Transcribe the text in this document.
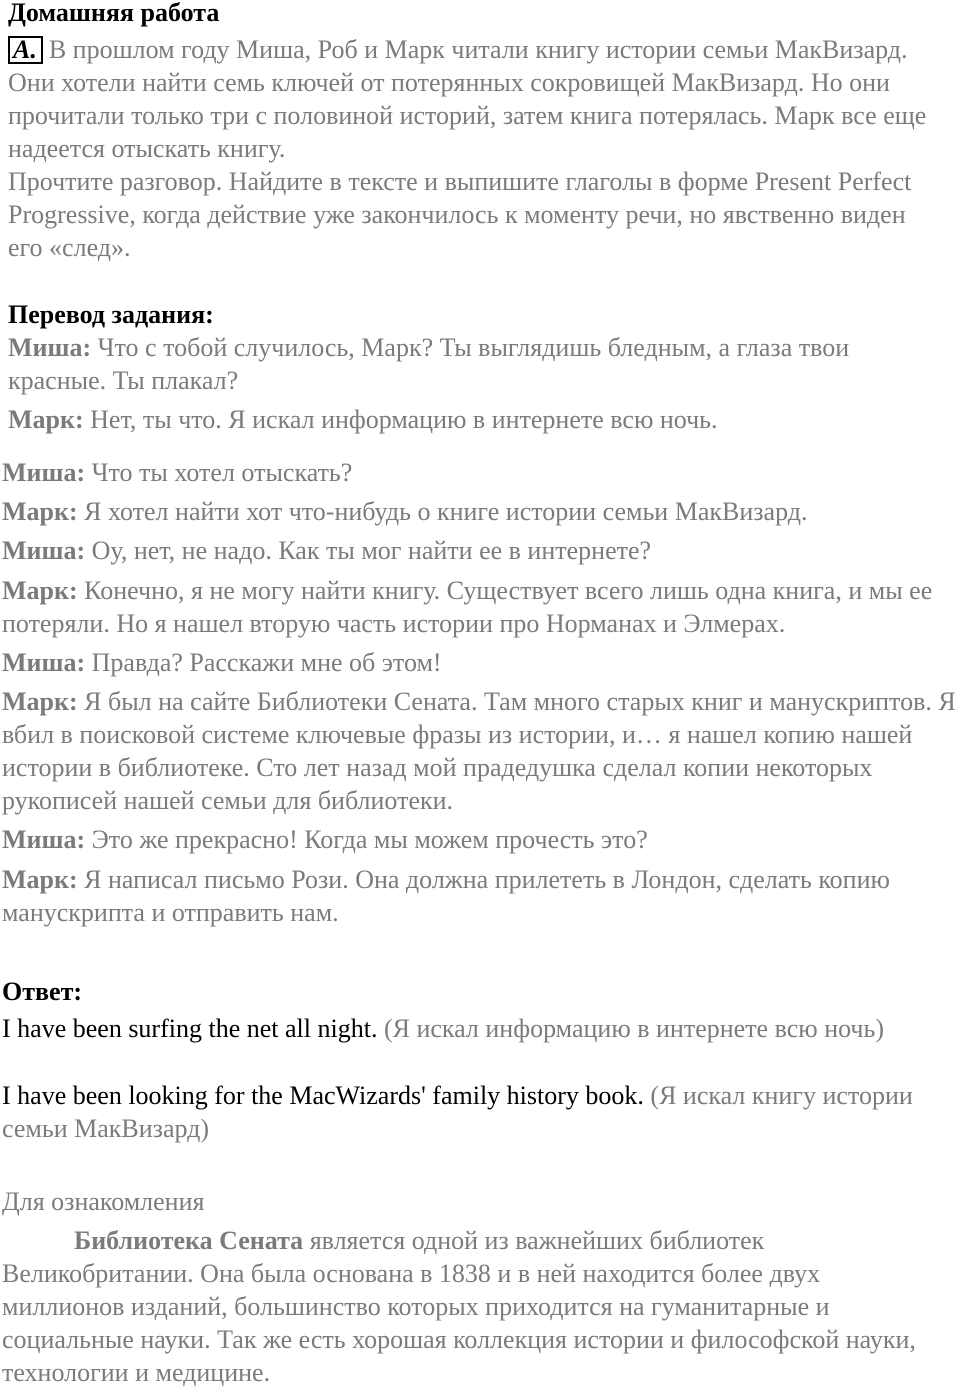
Домашняя работа

A. В прошлом году Миша, Роб и Марк читали книгу истории семьи МакВизард. Они хотели найти семь ключей от потерянных сокровищей МакВизард. Но они прочитали только три с половиной историй, затем книга потерялась. Марк все еще надеется отыскать книгу.

Прочтите разговор. Найдите в тексте и выпишите глаголы в форме Present Perfect Progressive, когда действие уже закончилось к моменту речи, но явственно виден его «след».

Перевод задания:
Миша: Что с тобой случилось, Марк? Ты выглядишь бледным, а глаза твои красные. Ты плакал?
Марк: Нет, ты что. Я искал информацию в интернете всю ночь.
Миша: Что ты хотел отыскать?
Марк: Я хотел найти хот что-нибудь о книге истории семьи МакВизард.
Миша: Оу, нет, не надо. Как ты мог найти ее в интернете?
Марк: Конечно, я не могу найти книгу. Существует всего лишь одна книга, и мы ее потеряли. Но я нашел вторую часть истории про Норманах и Элмерах.
Миша: Правда? Расскажи мне об этом!
Марк: Я был на сайте Библиотеки Сената. Там много старых книг и манускриптов. Я вбил в поисковой системе ключевые фразы из истории, и… я нашел копию нашей истории в библиотеке. Сто лет назад мой прадедушка сделал копии некоторых рукописей нашей семьи для библиотеки.
Миша: Это же прекрасно! Когда мы можем прочесть это?
Марк: Я написал письмо Рози. Она должна прилететь в Лондон, сделать копию манускрипта и отправить нам.
Ответ:
I have been surfing the net all night. (Я искал информацию в интернете всю ночь)
I have been looking for the MacWizards' family history book. (Я искал книгу истории семьи МакВизард)
Для ознакомления

Библиотека Сената является одной из важнейших библиотек Великобритании. Она была основана в 1838 и в ней находится более двух миллионов изданий, большинство которых приходится на гуманитарные и социальные науки. Так же есть хорошая коллекция истории и философской науки, технологии и медицине.
